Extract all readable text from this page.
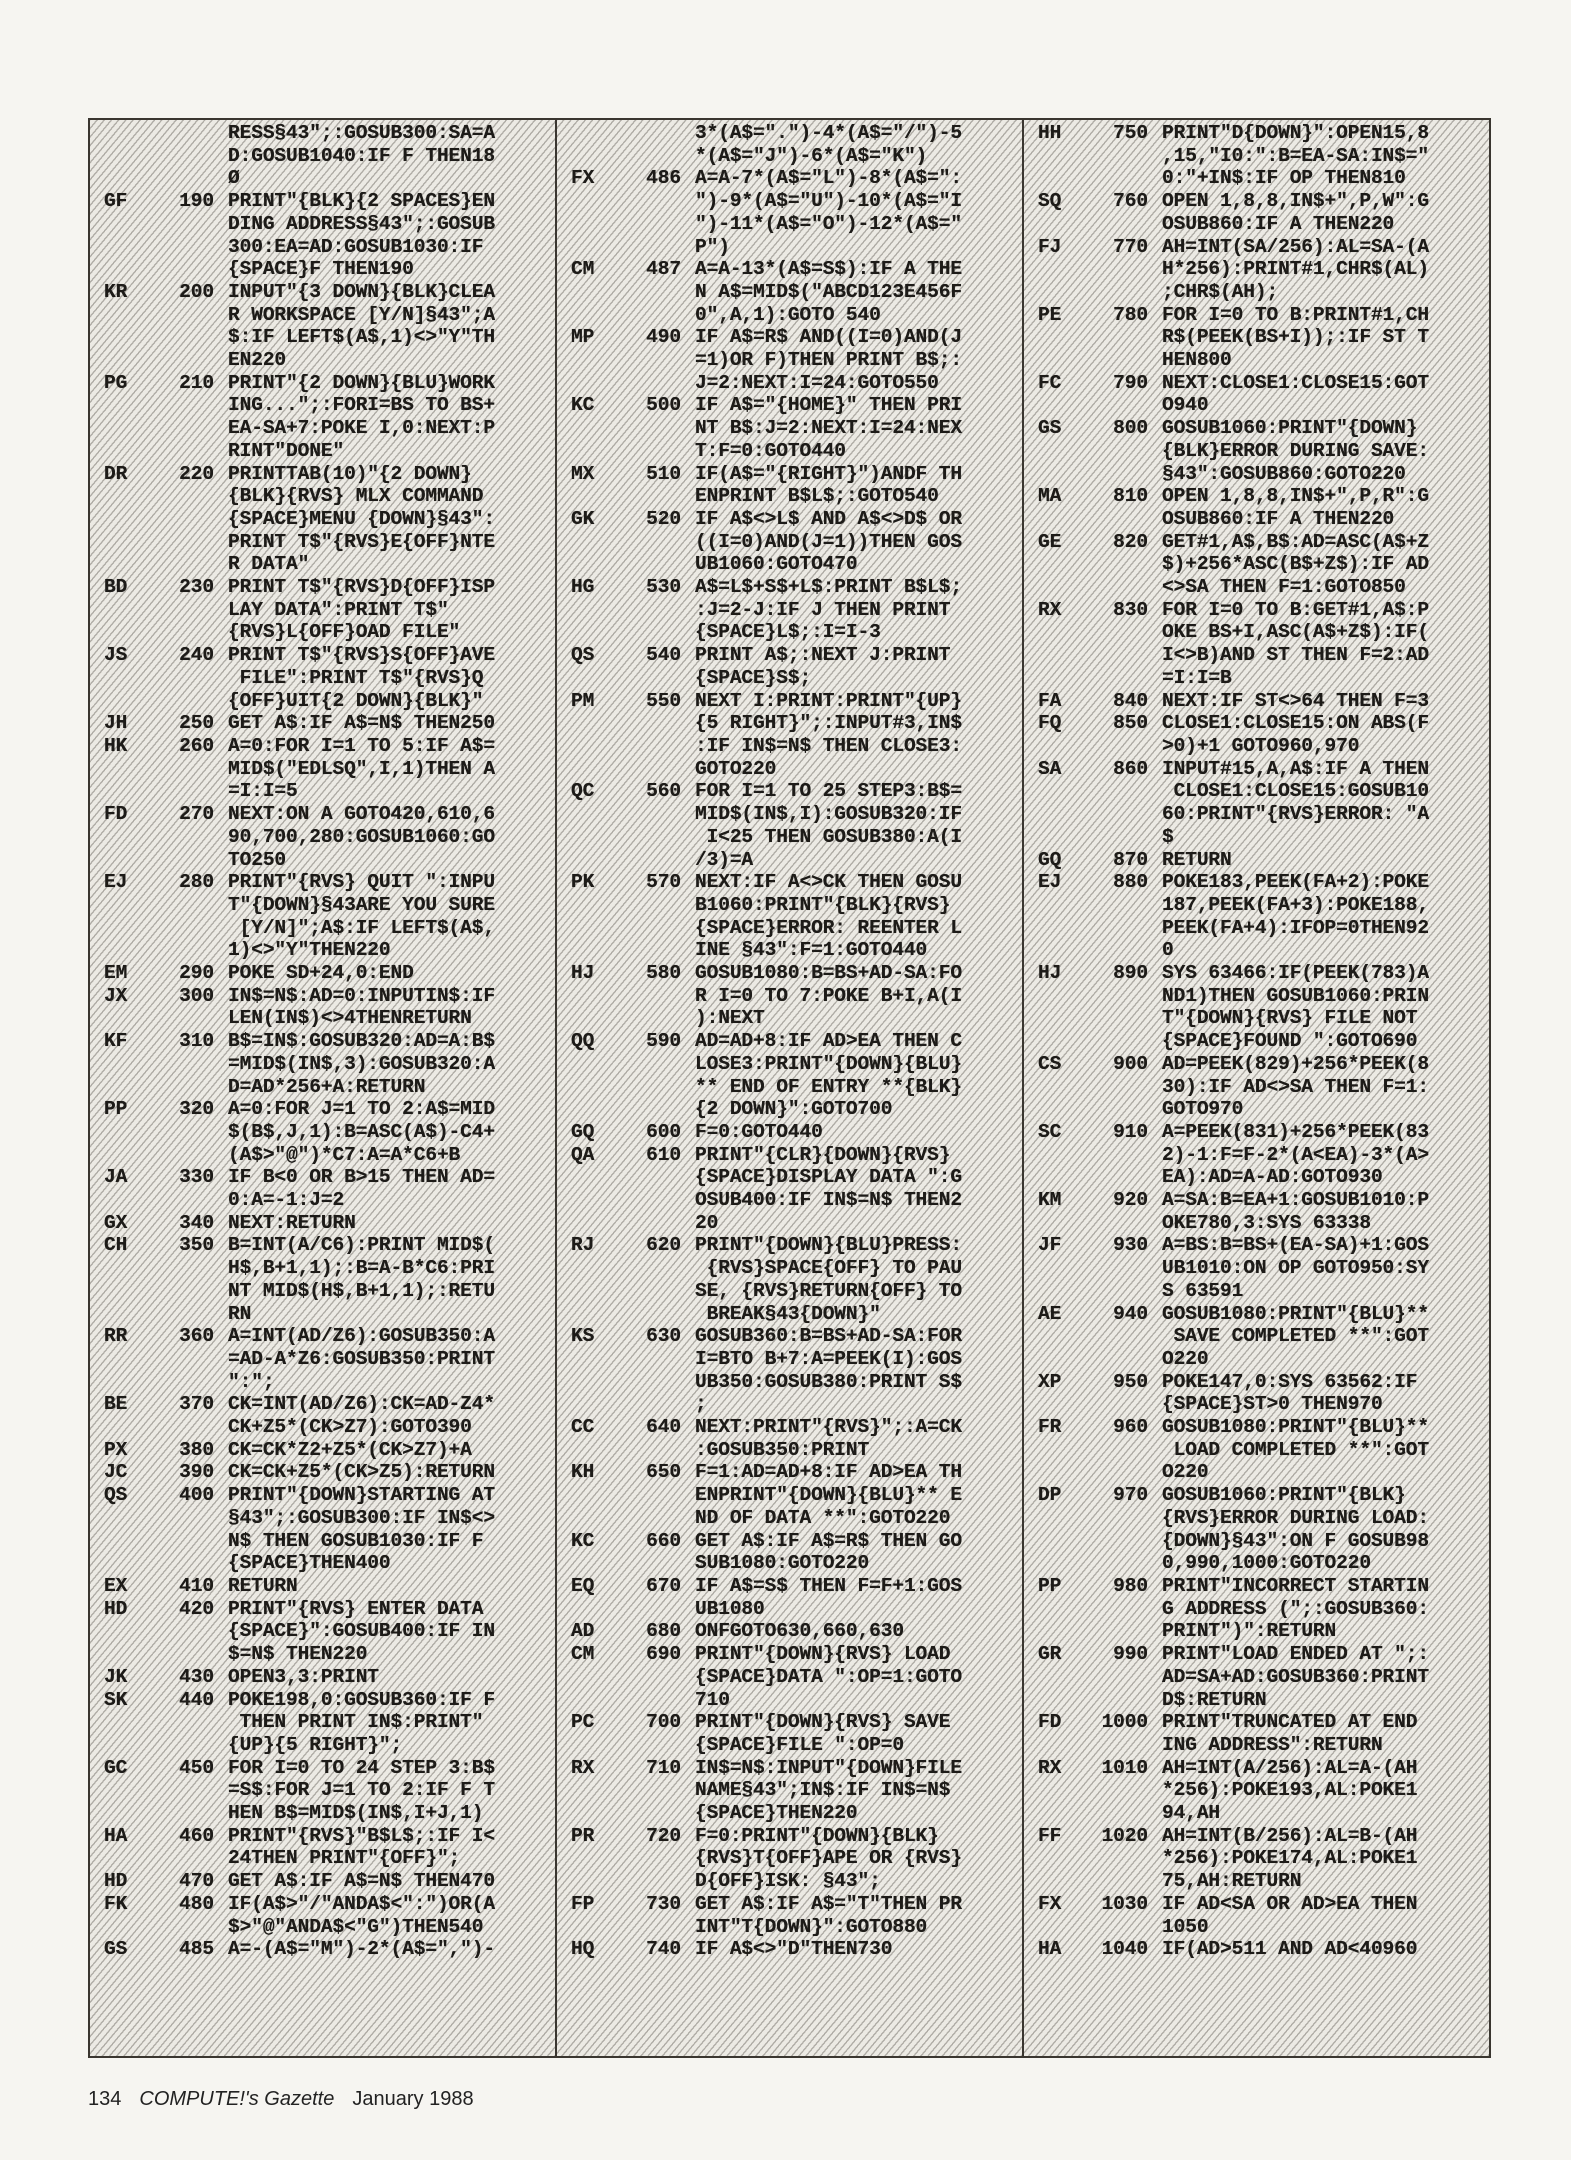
RESS§43";:GOSUB300:SA=A
D:GOSUB1040:IF F THEN18
Ø
GF	190 PRINT"{BLK}{2 SPACES}EN
DING ADDRESS§43";:GOSUB
300:EA=AD:GOSUB1030:IF
{SPACE}F THEN190
KR	200 INPUT"{3 DOWN}{BLK}CLEA
R WORKSPACE [Y/N]§43";A
$:IF LEFT$(A$,1)<>"Y"TH
EN220
PG	210 PRINT"{2 DOWN}{BLU}WORK
ING...";:FORI=BS TO BS+
EA-SA+7:POKE I,0:NEXT:P
RINT"DONE"
DR	220 PRINTTAB(10)"{2 DOWN}
{BLK}{RVS} MLX COMMAND
{SPACE}MENU {DOWN}§43":
PRINT T$"{RVS}E{OFF}NTE
R DATA"
BD	230 PRINT T$"{RVS}D{OFF}ISP
LAY DATA":PRINT T$"
{RVS}L{OFF}OAD FILE"
JS	240 PRINT T$"{RVS}S{OFF}AVE
FILE":PRINT T$"{RVS}Q
{OFF}UIT{2 DOWN}{BLK}"
JH	250 GET A$:IF A$=N$ THEN250
HK	260 A=0:FOR I=1 TO 5:IF A$=
MID$("EDLSQ",I,1)THEN A
=I:I=5
FD	270 NEXT:ON A GOTO420,610,6
90,700,280:GOSUB1060:GO
TO250
EJ	280 PRINT"{RVS} QUIT ":INPU
T"{DOWN}§43ARE YOU SURE
[Y/N]";A$:IF LEFT$(A$,
1)<>"Y"THEN220
EM	290 POKE SD+24,0:END
JX	300 IN$=N$:AD=0:INPUTIN$:IF
LEN(IN$)<>4THENRETURN
KF	310 B$=IN$:GOSUB320:AD=A:B$
=MID$(IN$,3):GOSUB320:A
D=AD*256+A:RETURN
PP	320 A=0:FOR J=1 TO 2:A$=MID
$(B$,J,1):B=ASC(A$)-C4+
(A$>"@")*C7:A=A*C6+B
JA	330 IF B<0 OR B>15 THEN AD=
0:A=-1:J=2
GX	340 NEXT:RETURN
CH	350 B=INT(A/C6):PRINT MID$(
H$,B+1,1);:B=A-B*C6:PRI
NT MID$(H$,B+1,1);:RETU
RN
RR	360 A=INT(AD/Z6):GOSUB350:A
=AD-A*Z6:GOSUB350:PRINT
":";
BE	370 CK=INT(AD/Z6):CK=AD-Z4*
CK+Z5*(CK>Z7):GOTO390
PX	380 CK=CK*Z2+Z5*(CK>Z7)+A
JC	390 CK=CK+Z5*(CK>Z5):RETURN
QS	400 PRINT"{DOWN}STARTING AT
§43";:GOSUB300:IF IN$<>
N$ THEN GOSUB1030:IF F
{SPACE}THEN400
EX	410 RETURN
HD	420 PRINT"{RVS} ENTER DATA
{SPACE}":GOSUB400:IF IN
$=N$ THEN220
JK	430 OPEN3,3:PRINT
SK	440 POKE198,0:GOSUB360:IF F
THEN PRINT IN$:PRINT"
{UP}{5 RIGHT}";
GC	450 FOR I=0 TO 24 STEP 3:B$
=S$:FOR J=1 TO 2:IF F T
HEN B$=MID$(IN$,I+J,1)
HA	460 PRINT"{RVS}"B$L$;:IF I<
24THEN PRINT"{OFF}";
HD	470 GET A$:IF A$=N$ THEN470
FK	480 IF(A$>"/"ANDA$<":")OR(A
$>"@"ANDA$<"G")THEN540
GS	485 A=-(A$="M")-2*(A$=",")-
3*(A$=".")-4*(A$="/")-5
*(A$="J")-6*(A$="K")
FX	486 A=A-7*(A$="L")-8*(A$=":
")-9*(A$="U")-10*(A$="I
")-11*(A$="O")-12*(A$="
P")
CM	487 A=A-13*(A$=S$):IF A THE
N A$=MID$("ABCD123E456F
0",A,1):GOTO 540
MP	490 IF A$=R$ AND((I=0)AND(J
=1)OR F)THEN PRINT B$;:
J=2:NEXT:I=24:GOTO550
KC	500 IF A$="{HOME}" THEN PRI
NT B$:J=2:NEXT:I=24:NEX
T:F=0:GOTO440
MX	510 IF(A$="{RIGHT}")ANDF TH
ENPRINT B$L$;:GOTO540
GK	520 IF A$<>L$ AND A$<>D$ OR
((I=0)AND(J=1))THEN GOS
UB1060:GOTO470
HG	530 A$=L$+S$+L$:PRINT B$L$;
:J=2-J:IF J THEN PRINT
{SPACE}L$;:I=I-3
QS	540 PRINT A$;:NEXT J:PRINT
{SPACE}S$;
PM	550 NEXT I:PRINT:PRINT"{UP}
{5 RIGHT}";:INPUT#3,IN$
:IF IN$=N$ THEN CLOSE3:
GOTO220
QC	560 FOR I=1 TO 25 STEP3:B$=
MID$(IN$,I):GOSUB320:IF
I<25 THEN GOSUB380:A(I
/3)=A
PK	570 NEXT:IF A<>CK THEN GOSU
B1060:PRINT"{BLK}{RVS}
{SPACE}ERROR: REENTER L
INE §43":F=1:GOTO440
HJ	580 GOSUB1080:B=BS+AD-SA:FO
R I=0 TO 7:POKE B+I,A(I
):NEXT
QQ	590 AD=AD+8:IF AD>EA THEN C
LOSE3:PRINT"{DOWN}{BLU}
** END OF ENTRY **{BLK}
{2 DOWN}":GOTO700
GQ	600 F=0:GOTO440
QA	610 PRINT"{CLR}{DOWN}{RVS}
{SPACE}DISPLAY DATA ":G
OSUB400:IF IN$=N$ THEN2
20
RJ	620 PRINT"{DOWN}{BLU}PRESS:
{RVS}SPACE{OFF} TO PAU
SE, {RVS}RETURN{OFF} TO
BREAK§43{DOWN}"
KS	630 GOSUB360:B=BS+AD-SA:FOR
I=BTO B+7:A=PEEK(I):GOS
UB350:GOSUB380:PRINT S$
;
CC	640 NEXT:PRINT"{RVS}";:A=CK
:GOSUB350:PRINT
KH	650 F=1:AD=AD+8:IF AD>EA TH
ENPRINT"{DOWN}{BLU}** E
ND OF DATA **":GOTO220
KC	660 GET A$:IF A$=R$ THEN GO
SUB1080:GOTO220
EQ	670 IF A$=S$ THEN F=F+1:GOS
UB1080
AD	680 ONFGOTO630,660,630
CM	690 PRINT"{DOWN}{RVS} LOAD
{SPACE}DATA ":OP=1:GOTO
710
PC	700 PRINT"{DOWN}{RVS} SAVE
{SPACE}FILE ":OP=0
RX	710 IN$=N$:INPUT"{DOWN}FILE
NAME§43";IN$:IF IN$=N$
{SPACE}THEN220
PR	720 F=0:PRINT"{DOWN}{BLK}
{RVS}T{OFF}APE OR {RVS}
D{OFF}ISK: §43";
FP	730 GET A$:IF A$="T"THEN PR
INT"T{DOWN}":GOTO880
HQ	740 IF A$<>"D"THEN730
HH	750 PRINT"D{DOWN}":OPEN15,8
,15,"I0:":B=EA-SA:IN$="
0:"+IN$:IF OP THEN810
SQ	760 OPEN 1,8,8,IN$+",P,W":G
OSUB860:IF A THEN220
FJ	770 AH=INT(SA/256):AL=SA-(A
H*256):PRINT#1,CHR$(AL)
;CHR$(AH);
PE	780 FOR I=0 TO B:PRINT#1,CH
R$(PEEK(BS+I));:IF ST T
HEN800
FC	790 NEXT:CLOSE1:CLOSE15:GOT
O940
GS	800 GOSUB1060:PRINT"{DOWN}
{BLK}ERROR DURING SAVE:
§43":GOSUB860:GOTO220
MA	810 OPEN 1,8,8,IN$+",P,R":G
OSUB860:IF A THEN220
GE	820 GET#1,A$,B$:AD=ASC(A$+Z
$)+256*ASC(B$+Z$):IF AD
<>SA THEN F=1:GOTO850
RX	830 FOR I=0 TO B:GET#1,A$:P
OKE BS+I,ASC(A$+Z$):IF(
I<>B)AND ST THEN F=2:AD
=I:I=B
FA	840 NEXT:IF ST<>64 THEN F=3
FQ	850 CLOSE1:CLOSE15:ON ABS(F
>0)+1 GOTO960,970
SA	860 INPUT#15,A,A$:IF A THEN
CLOSE1:CLOSE15:GOSUB10
60:PRINT"{RVS}ERROR: "A
$
GQ	870 RETURN
EJ	880 POKE183,PEEK(FA+2):POKE
187,PEEK(FA+3):POKE188,
PEEK(FA+4):IFOP=0THEN92
0
HJ	890 SYS 63466:IF(PEEK(783)A
ND1)THEN GOSUB1060:PRIN
T"{DOWN}{RVS} FILE NOT
{SPACE}FOUND ":GOTO690
CS	900 AD=PEEK(829)+256*PEEK(8
30):IF AD<>SA THEN F=1:
GOTO970
SC	910 A=PEEK(831)+256*PEEK(83
2)-1:F=F-2*(A<EA)-3*(A>
EA):AD=A-AD:GOTO930
KM	920 A=SA:B=EA+1:GOSUB1010:P
OKE780,3:SYS 63338
JF	930 A=BS:B=BS+(EA-SA)+1:GOS
UB1010:ON OP GOTO950:SY
S 63591
AE	940 GOSUB1080:PRINT"{BLU}**
SAVE COMPLETED **":GOT
O220
XP	950 POKE147,0:SYS 63562:IF
{SPACE}ST>0 THEN970
FR	960 GOSUB1080:PRINT"{BLU}**
LOAD COMPLETED **":GOT
O220
DP	970 GOSUB1060:PRINT"{BLK}
{RVS}ERROR DURING LOAD:
{DOWN}§43":ON F GOSUB98
0,990,1000:GOTO220
PP	980 PRINT"INCORRECT STARTIN
G ADDRESS (";:GOSUB360:
PRINT")":RETURN
GR	990 PRINT"LOAD ENDED AT ";:
AD=SA+AD:GOSUB360:PRINT
D$:RETURN
FD	1000 PRINT"TRUNCATED AT END
ING ADDRESS":RETURN
RX	1010 AH=INT(A/256):AL=A-(AH
*256):POKE193,AL:POKE1
94,AH
FF	1020 AH=INT(B/256):AL=B-(AH
*256):POKE174,AL:POKE1
75,AH:RETURN
FX	1030 IF AD<SA OR AD>EA THEN
1050
HA	1040 IF(AD>511 AND AD<40960
134 COMPUTE!'s Gazette January 1988
